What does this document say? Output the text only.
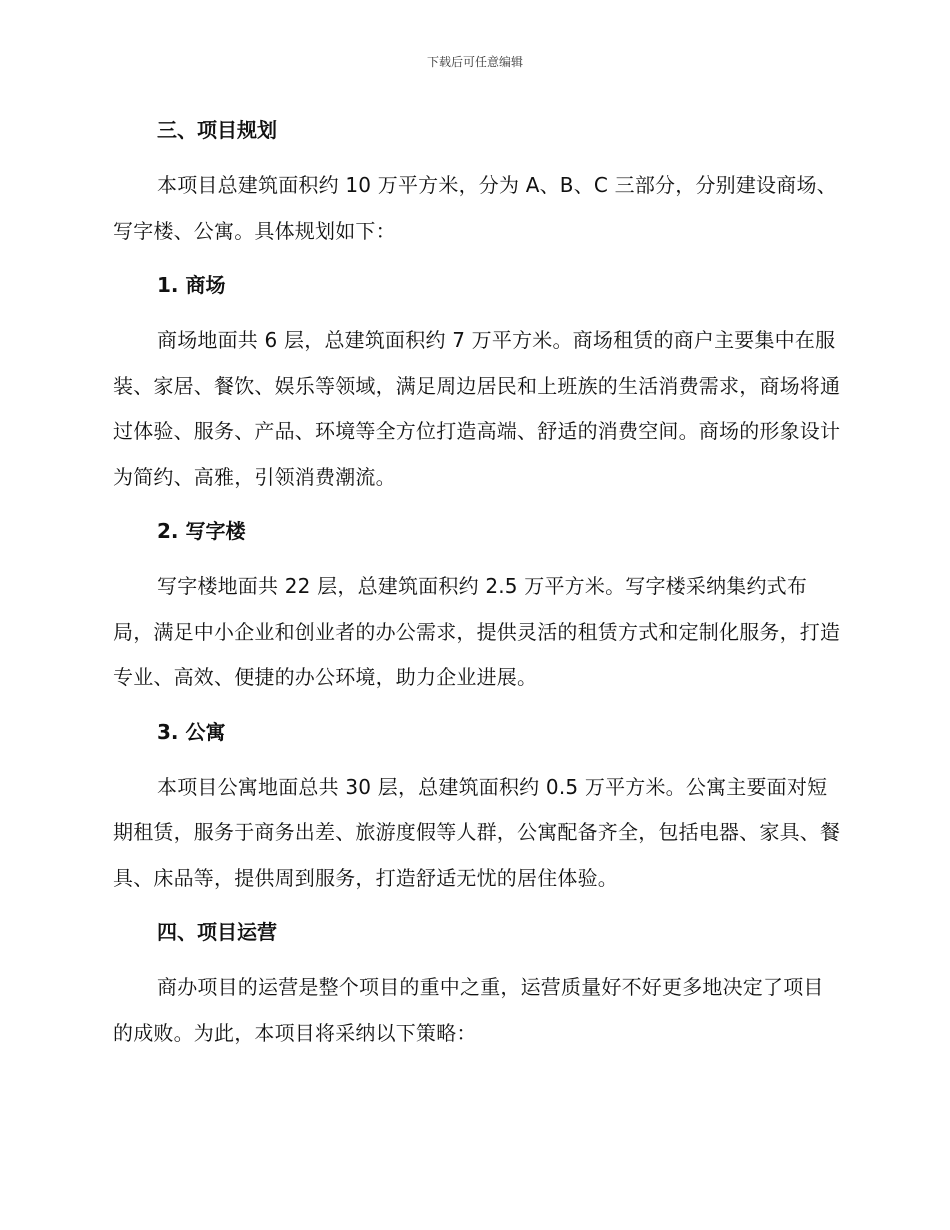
下载后可任意编辑
三、项目规划

本项目总建筑面积约 10 万平方米，分为 A、B、C 三部分，分别建设商场、写字楼、公寓。具体规划如下：

1. 商场

商场地面共 6 层，总建筑面积约 7 万平方米。商场租赁的商户主要集中在服装、家居、餐饮、娱乐等领域，满足周边居民和上班族的生活消费需求，商场将通过体验、服务、产品、环境等全方位打造高端、舒适的消费空间。商场的形象设计为简约、高雅，引领消费潮流。

2. 写字楼

写字楼地面共 22 层，总建筑面积约 2.5 万平方米。写字楼采纳集约式布局，满足中小企业和创业者的办公需求，提供灵活的租赁方式和定制化服务，打造专业、高效、便捷的办公环境，助力企业进展。

3. 公寓

本项目公寓地面总共 30 层，总建筑面积约 0.5 万平方米。公寓主要面对短期租赁，服务于商务出差、旅游度假等人群，公寓配备齐全，包括电器、家具、餐具、床品等，提供周到服务，打造舒适无忧的居住体验。

四、项目运营

商办项目的运营是整个项目的重中之重，运营质量好不好更多地决定了项目的成败。为此，本项目将采纳以下策略：
